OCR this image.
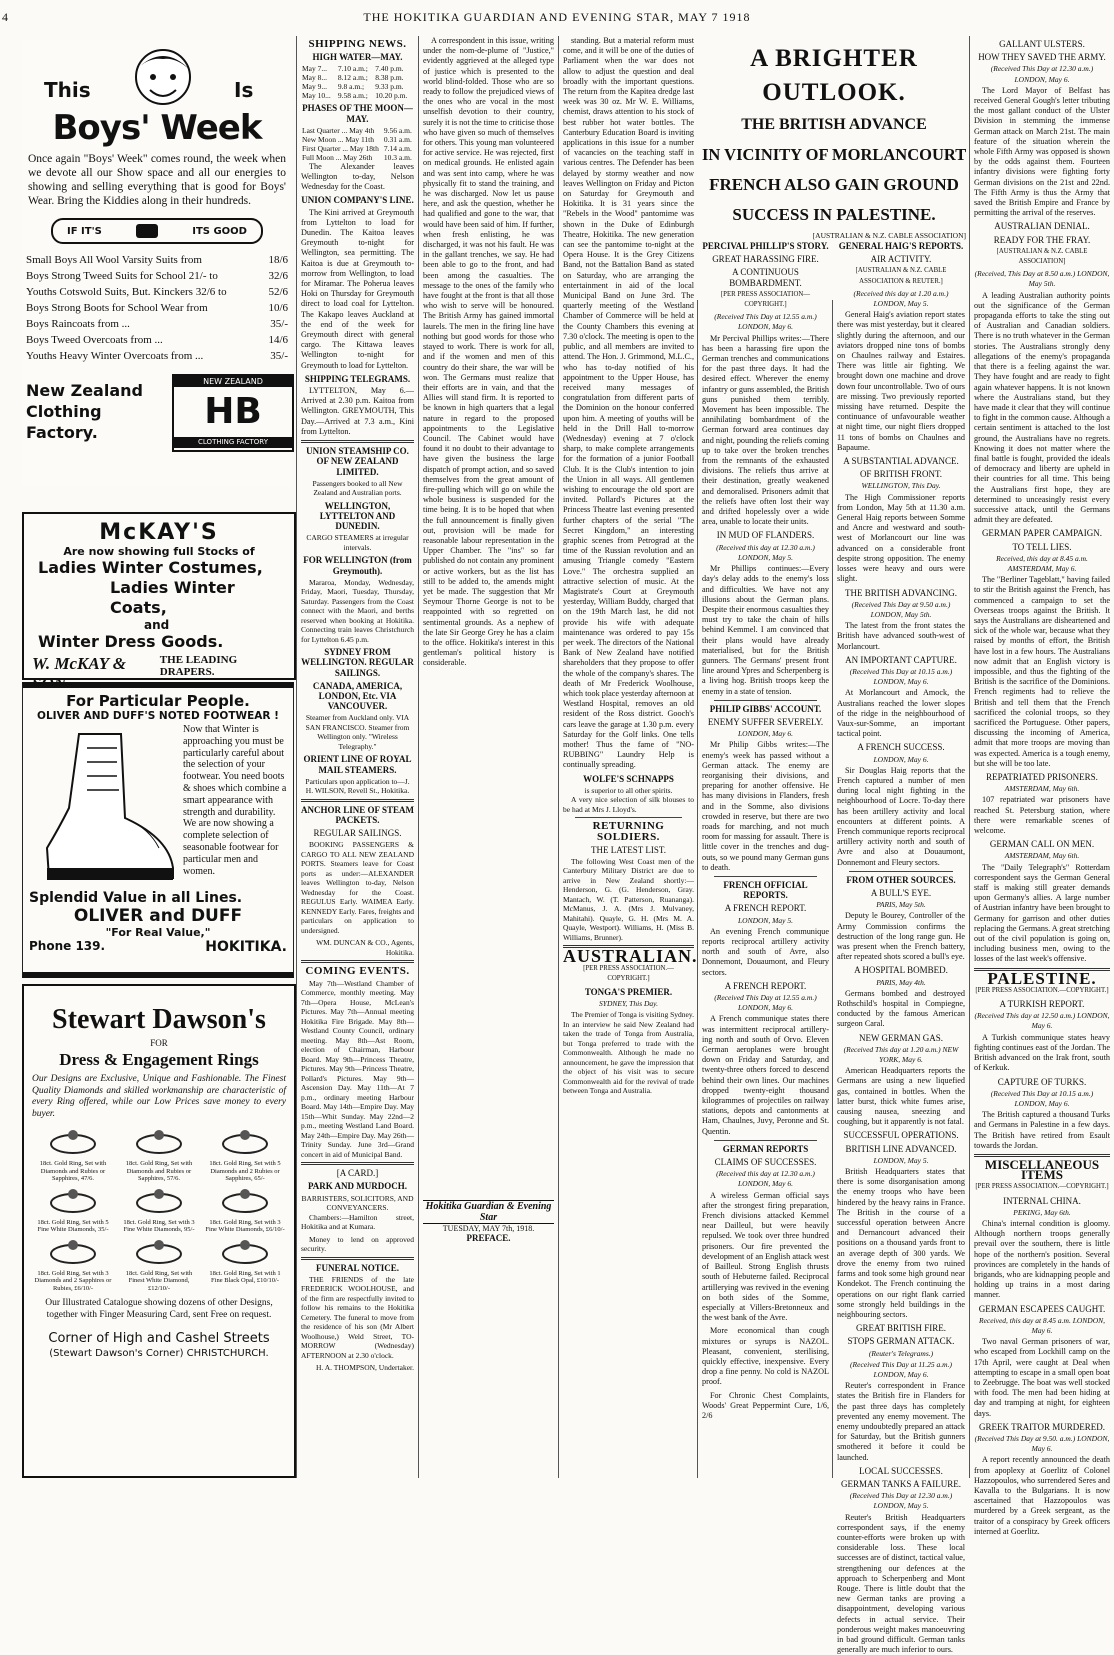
4	THE HOKITIKA GUARDIAN AND EVENING STAR, MAY 7 1918
This	Is
Boys' Week
Once again "Boys' Week" comes round, the week when we devote all our Show space and all our energies to showing and selling everything that is good for Boys' Wear. Bring the Kiddies along in their hundreds.
IF IT'S	ITS GOOD
Small Boys All Wool Varsity Suits from	18/6
Boys Strong Tweed Suits for School 21/- to	32/6
Youths Cotswold Suits, But. Kinckers 32/6 to	52/6
Boys Strong Boots for School Wear from	10/6
Boys Raincoats from ...	35/-
Boys Tweed Overcoats from ...	14/6
Youths Heavy Winter Overcoats from ...	35/-
New Zealand Clothing Factory.
NEW ZEALAND
HB
CLOTHING FACTORY
McKAY'S
Are now showing full Stocks of
Ladies Winter Costumes,
Ladies Winter Coats,
and
Winter Dress Goods.
W. McKAY &	THE LEADING DRAPERS.
For Particular People.
OLIVER AND DUFF'S NOTED FOOTWEAR !
Now that Winter is approaching you must be particularly careful about the selection of your footwear. You need boots & shoes which combine a smart appearance with strength and durability. We are now showing a complete selection of seasonable footwear for particular men and women.
Splendid Value in all Lines.
OLIVER and DUFF
"For Real Value,"
Phone 139.	HOKITIKA.
Stewart Dawson's
FOR
Dress & Engagement Rings
Our Designs are Exclusive, Unique and Fashionable. The Finest Quality Diamonds and skilled workmanship are characteristic of every Ring offered, while our Low Prices save money to every buyer.
18ct. Gold Ring, Set with Diamonds and Rubies or Sapphires, 47/6.
18ct. Gold Ring, Set with Diamonds and Rubies or Sapphires, 57/6.
18ct. Gold Ring, Set with 5 Diamonds and 2 Rubies or Sapphires, 65/-
18ct. Gold Ring, Set with 5 Fine White Diamonds, 35/-
18ct. Gold Ring, Set with 3 Fine White Diamonds, 95/-
18ct. Gold Ring, Set with 3 Fine White Diamonds, £6/10/-
18ct. Gold Ring, Set with 3 Diamonds and 2 Sapphires or Rubies, £6/10/-
18ct. Gold Ring, Set with Finest White Diamond, £12/10/-
18ct. Gold Ring, Set with 1 Fine Black Opal, £10/10/-
Our Illustrated Catalogue showing dozens of other Designs, together with Finger Measuring Card, sent Free on request.
Corner of High and Cashel Streets
(Stewart Dawson's Corner) CHRISTCHURCH.
SHIPPING NEWS.
HIGH WATER—MAY.
May 7...	7.10 a.m.;	7.40 p.m.
May 8...	8.12 a.m.;	8.38 p.m.
May 9...	9.8 a.m.;	9.33 p.m.
May 10...	9.58 a.m.;	10.20 p.m.
PHASES OF THE MOON—MAY.
Last Quarter ... May 4th	9.56 a.m.
New Moon ... May 11th	0.31 a.m.
First Quarter ... May 18th	7.14 a.m.
Full Moon ... May 26th	10.3 a.m.

The Alexander leaves Wellington to-day, Nelson Wednesday for the Coast.

UNION COMPANY'S LINE.

The Kini arrived at Greymouth from Lyttelton to load for Dunedin. The Kaitoa leaves Greymouth to-night for Wellington, sea permitting. The Kaitoa is due at Greymouth to-morrow from Wellington, to load for Miramar. The Poherua leaves Hoki on Thursday for Greymouth direct to load coal for Lyttelton. The Kakapo leaves Auckland at the end of the week for Greymouth direct with general cargo. The Kittawa leaves Wellington to-night for Greymouth to load for Lyttelton.

SHIPPING TELEGRAMS.

LYTTELTON, May 6.—Arrived at 2.30 p.m. Kaitoa from Wellington. GREYMOUTH, This Day.—Arrived at 7.3 a.m., Kini from Lyttelton.

UNION STEAMSHIP CO. OF NEW ZEALAND LIMITED.
Passengers booked to all New Zealand and Australian ports.
WELLINGTON, LYTTELTON AND DUNEDIN.
CARGO STEAMERS at irregular intervals.
FOR WELLINGTON (from Greymouth).

Mararoa, Monday, Wednesday, Friday, Maori, Tuesday, Thursday, Saturday. Passengers from the Coast connect with the Maori, and berths reserved when booking at Hokitika. Connecting train leaves Christchurch for Lyttelton 6.45 p.m.

SYDNEY FROM WELLINGTON. REGULAR SAILINGS.
CANADA, AMERICA, LONDON, Etc. VIA VANCOUVER.
Steamer from Auckland only. VIA SAN FRANCISCO. Steamer from Wellington only. "Wireless Telegraphy."
ORIENT LINE OF ROYAL MAIL STEAMERS.
Particulars upon application to—J. H. WILSON, Revell St., Hokitika.
ANCHOR LINE OF STEAM PACKETS.
REGULAR SAILINGS.

BOOKING PASSENGERS & CARGO TO ALL NEW ZEALAND PORTS. Steamers leave for Coast ports as under:—ALEXANDER leaves Wellington to-day, Nelson Wednesday for the Coast. REGULUS Early. WAIMEA Early. KENNEDY Early. Fares, freights and particulars on application to undersigned.

WM. DUNCAN & CO., Agents, Hokitika.
COMING EVENTS.

May 7th—Westland Chamber of Commerce, monthly meeting. May 7th—Opera House, McLean's Pictures. May 7th—Annual meeting Hokitika Fire Brigade. May 8th—Westland County Council, ordinary meeting. May 8th—Ast Room, election of Chairman, Harbour Board. May 9th—Princess Theatre, Pictures. May 9th—Princess Theatre, Pollard's Pictures. May 9th—Ascension Day. May 11th—At 7 p.m., ordinary meeting Harbour Board. May 14th—Empire Day. May 15th—Whit Sunday. May 22nd—2 p.m., meeting Westland Land Board. May 24th—Empire Day. May 26th—Trinity Sunday. June 3rd—Grand concert in aid of Municipal Band.

[A CARD.]
PARK AND MURDOCH.
BARRISTERS, SOLICITORS, AND CONVEYANCERS.

Chambers:—Hamilton street, Hokitika and at Kumara.

Money to lend on approved security.

FUNERAL NOTICE.

THE FRIENDS of the late FREDERICK WOOLHOUSE, and of the firm are respectfully invited to follow his remains to the Hokitika Cemetery. The funeral to move from the residence of his son (Mr Albert Woolhouse,) Weld Street, TO-MORROW (Wednesday) AFTERNOON at 2.30 o'clock.

H. A. THOMPSON, Undertaker.

A correspondent in this issue, writing under the nom-de-plume of "Justice," evidently aggrieved at the alleged type of justice which is presented to the world blind-folded. Those who are so ready to follow the prejudiced views of the ones who are vocal in the most unselfish devotion to their country, surely it is not the time to criticise those who have given so much of themselves for others. This young man volunteered for active service. He was rejected, first on medical grounds. He enlisted again and was sent into camp, where he was physically fit to stand the training, and he was discharged. Now let us pause here, and ask the question, whether he had qualified and gone to the war, that would have been said of him. If further, when fresh enlisting, he was discharged, it was not his fault. He was in the gallant trenches, we say. He had been able to go to the front, and had been among the casualties. The message to the ones of the family who have fought at the front is that all those who wish to serve will be honoured. The British Army has gained immortal laurels. The men in the firing line have nothing but good words for those who stayed to work. There is work for all, and if the women and men of this country do their share, the war will be won. The Germans must realize that their efforts are in vain, and that the Allies will stand firm. It is reported to be known in high quarters that a legal nature in regard to the proposed appointments to the Legislative Council. The Cabinet would have found it no doubt to their advantage to have given the business the large dispatch of prompt action, and so saved themselves from the great amount of fire-pulling which will go on while the whole business is suspended for the time being. It is to be hoped that when the full announcement is finally given out, provision will be made for reasonable labour representation in the Upper Chamber. The "ins" so far published do not contain any prominent or active workers, but as the list has still to be added to, the amends might yet be made. The suggestion that Mr Seymour Thorne George is not to be reappointed with so regretted on sentimental grounds. As a nephew of the late Sir George Grey he has a claim to the office. Hokitika's interest in this gentleman's political history is considerable.

Hokitika Guardian & Evening Star
TUESDAY, MAY 7th, 1918.
PREFACE.

standing. But a material reform must come, and it will be one of the duties of Parliament when the war does not allow to adjust the question and deal broadly with the important questions. The return from the Kapitea dredge last week was 30 oz. Mr W. E. Williams, chemist, draws attention to his stock of best rubber hot water bottles. The Canterbury Education Board is inviting applications in this issue for a number of vacancies on the teaching staff in various centres. The Defender has been delayed by stormy weather and now leaves Wellington on Friday and Picton on Saturday for Greymouth and Hokitika. It is 31 years since the "Rebels in the Wood" pantomime was shown in the Duke of Edinburgh Theatre, Hokitika. The new generation can see the pantomime to-night at the Opera House. It is the Grey Citizens Band, not the Battalion Band as stated on Saturday, who are arranging the entertainment in aid of the local Municipal Band on June 3rd. The quarterly meeting of the Westland Chamber of Commerce will be held at the County Chambers this evening at 7.30 o'clock. The meeting is open to the public, and all members are invited to attend. The Hon. J. Grimmond, M.L.C., who has to-day notified of his appointment to the Upper House, has received many messages of congratulation from different parts of the Dominion on the honour conferred upon him. A meeting of youths will be held in the Drill Hall to-morrow (Wednesday) evening at 7 o'clock sharp, to make complete arrangements for the formation of a junior Football Club. It is the Club's intention to join the Union in all ways. All gentlemen wishing to encourage the old sport are invited. Pollard's Pictures at the Princess Theatre last evening presented further chapters of the serial "The Secret Kingdom," an interesting graphic scenes from Petrograd at the time of the Russian revolution and an amusing Triangle comedy "Eastern Love." The orchestra supplied an attractive selection of music. At the Magistrate's Court at Greymouth yesterday, William Buddy, charged that on the 19th March last, he did not provide his wife with adequate maintenance was ordered to pay 15s per week. The directors of the National Bank of New Zealand have notified shareholders that they propose to offer the whole of the company's shares. The death of Mr Frederick Woolhouse, which took place yesterday afternoon at Westland Hospital, removes an old resident of the Ross district. Gooch's cars leave the garage at 1.30 p.m. every Saturday for the Golf links. One tells mother! Thus the fame of "NO-RUBBING" Laundry Help is continually spreading.

WOLFE'S SCHNAPPS
is superior to all other spirits.

A very nice selection of silk blouses to be had at Mrs J. Lloyd's.

RETURNING SOLDIERS.
THE LATEST LIST.

The following West Coast men of the Canterbury Military District are due to arrive in New Zealand shortly:—Henderson, G. (G. Henderson, Gray. Mantach, W. (T. Patterson, Ruananga). McManus, J. A. (Mrs J. Mulvaney, Mahitahi). Quayle, G. H. (Mrs M. A. Quayle, Westport). Williams, H. (Miss B. Williams, Brunner).

AUSTRALIAN.
[PER PRESS ASSOCIATION.—COPYRIGHT.]
TONGA'S PREMIER.
SYDNEY, This Day.

The Premier of Tonga is visiting Sydney. In an interview he said New Zealand had taken the trade of Tonga from Australia, but Tonga preferred to trade with the Commonwealth. Although he made no announcement, he gave the impression that the object of his visit was to secure Commonwealth aid for the revival of trade between Tonga and Australia.

A BRIGHTER OUTLOOK.
THE BRITISH ADVANCE
IN VICINITY OF MORLANCOURT
FRENCH ALSO GAIN GROUND
SUCCESS IN PALESTINE.
[AUSTRALIAN & N.Z. CABLE ASSOCIATION]
PERCIVAL PHILLIP'S STORY.
GREAT HARASSING FIRE.
A CONTINUOUS BOMBARDMENT.
[PER PRESS ASSOCIATION—COPYRIGHT.]
(Received This Day at 12.55 a.m.) LONDON, May 6.

Mr Percival Phillips writes:—There has been a harassing fire upon the German trenches and communications for the past three days. It had the desired effect. Wherever the enemy infantry or guns assembled, the British guns punished them terribly. Movement has been impossible. The annihilating bombardment of the German forward area continues day and night, pounding the reliefs coming up to take over the broken trenches from the remnants of the exhausted divisions. The reliefs thus arrive at their destination, greatly weakened and demoralised. Prisoners admit that the reliefs have often lost their way and drifted hopelessly over a wide area, unable to locate their units.

IN MUD OF FLANDERS.
(Received this day at 12.30 a.m.) LONDON, May 5.

Mr Phillips continues:—Every day's delay adds to the enemy's loss and difficulties. We have not any illusions about the German plans. Despite their enormous casualties they must try to take the chain of hills behind Kemmel. I am convinced that their plans would have already materialised, but for the British gunners. The Germans' present front line around Ypres and Scherpenberg is a living hog. British troops keep the enemy in a state of tension.

PHILIP GIBBS' ACCOUNT.
ENEMY SUFFER SEVERELY.
LONDON, May 6.

Mr Philip Gibbs writes:—The enemy's week has passed without a German attack. The enemy are reorganising their divisions, and preparing for another offensive. He has many divisions in Flanders, fresh and in the Somme, also divisions crowded in reserve, but there are two roads for marching, and not much room for massing for assault. There is little cover in the trenches and dug-outs, so we pound many German guns to death.

FRENCH OFFICIAL REPORTS.
A FRENCH REPORT.
LONDON, May 5.

An evening French communique reports reciprocal artillery activity north and south of Avre, also Donnemont, Douaumont, and Fleury sectors.

A FRENCH REPORT.
(Received This Day at 12.55 a.m.) LONDON, May 6.

A French communique states there was intermittent reciprocal artillery-ing north and south of Orvo. Eleven German aeroplanes were brought down on Friday and Saturday, and twenty-three others forced to descend behind their own lines. Our machines dropped twenty-eight thousand kilogrammes of projectiles on railway stations, depots and cantonments at Ham, Chaulnes, Juvy, Peronne and St. Quentin.

GERMAN REPORTS
CLAIMS OF SUCCESSES.
(Received this day at 12.30 a.m.) LONDON, May 6.

A wireless German official says after the strongest firing preparation, French divisions attacked Kemmel near Dailleul, but were heavily repulsed. We took over three hundred prisoners. Our fire prevented the development of an English attack west of Bailleul. Strong English thrusts south of Hebuterne failed. Reciprocal artillerying was revived in the evening on both sides of the Somme, especially at Villers-Bretonneux and the west bank of the Avre.

More economical than cough mixtures or syrups is NAZOL. Pleasant, convenient, sterilising, quickly effective, inexpensive. Every drop a fine penny. No cold is NAZOL proof.

For Chronic Chest Complaints, Woods' Great Peppermint Cure, 1/6, 2/6

GENERAL HAIG'S REPORTS.
AIR ACTIVITY.
[AUSTRALIAN & N.Z. CABLE ASSOCIATION & REUTER.]
(Received this day at 1.20 a.m.) LONDON, May 5.

General Haig's aviation report states there was mist yesterday, but it cleared slightly during the afternoon, and our aviators dropped nine tons of bombs on Chaulnes railway and Estaires. There was little air fighting. We brought down one machine and drove down four uncontrollable. Two of ours are missing. Two previously reported missing have returned. Despite the continuance of unfavourable weather at night time, our night fliers dropped 11 tons of bombs on Chaulnes and Bapaume.

A SUBSTANTIAL ADVANCE.
OF BRITISH FRONT.
WELLINGTON, This Day.

The High Commissioner reports from London, May 5th at 11.30 a.m. General Haig reports between Somme and Ancre and westward and south-west of Morlancourt our line was advanced on a considerable front despite strong opposition. The enemy losses were heavy and ours were slight.

THE BRITISH ADVANCING.
(Received This Day at 9.50 a.m.) LONDON, May 5th.

The latest from the front states the British have advanced south-west of Morlancourt.

AN IMPORTANT CAPTURE.
(Received This Day at 10.15 a.m.) LONDON, May 6.

At Morlancourt and Amock, the Australians reached the lower slopes of the ridge in the neighbourhood of Vaux-sur-Somme, an important tactical point.

A FRENCH SUCCESS.
LONDON, May 6.

Sir Douglas Haig reports that the French captured a number of men during local night fighting in the neighbourhood of Locre. To-day there has been artillery activity and local encounters at different points. A French communique reports reciprocal artillery activity north and south of Avre and also at Douaumont, Donnemont and Fleury sectors.

FROM OTHER SOURCES.
A BULL'S EYE.
PARIS, May 5th.

Deputy le Bourey, Controller of the Army Commission confirms the destruction of the long range gun. He was present when the French battery, after repeated shots scored a bull's eye.

A HOSPITAL BOMBED.
PARIS, May 4th.

Germans bombed and destroyed Rothschild's hospital in Compiegne, conducted by the famous American surgeon Caral.

NEW GERMAN GAS.
(Received This day at 1.20 a.m.) NEW YORK, May 6.

American Headquarters reports the Germans are using a new liquefied gas, contained in bottles. When the latter burst, thick white fumes arise, causing nausea, sneezing and coughing, but it apparently is not fatal.

SUCCESSFUL OPERATIONS.
BRITISH LINE ADVANCED.
LONDON, May 5.

British Headquarters states that there is some disorganisation among the enemy troops who have been hindered by the heavy rains in France. The British in the course of a successful operation between Ancre and Dernancourt advanced their positions on a thousand yards front to an average depth of 300 yards. We drove the enemy from two ruined farms and took some high ground near Kondekot. The French continuing the operations on our right flank carried some strongly held buildings in the neighbouring sectors.

GREAT BRITISH FIRE.
STOPS GERMAN ATTACK.
(Reuter's Telegrams.)
(Received This Day at 11.25 a.m.) LONDON, May 6.

Reuter's correspondent in France states the British fire in Flanders for the past three days has completely prevented any enemy movement. The enemy undoubtedly prepared an attack for Saturday, but the British gunners smothered it before it could be launched.

LOCAL SUCCESSES.
GERMAN TANKS A FAILURE.
(Received This Day at 12.30 a.m.) LONDON, May 5.

Reuter's British Headquarters correspondent says, if the enemy counter-efforts were broken up with considerable loss. These local successes are of distinct, tactical value, strengthening our defences at the approach to Scherpenberg and Mont Rouge. There is little doubt that the new German tanks are proving a disappointment, developing various defects in actual service. Their ponderous weight makes manoeuvring in bad ground difficult. German tanks generally are much inferior to ours.

GALLANT ULSTERS.
HOW THEY SAVED THE ARMY.
(Received This Day at 12.30 a.m.) LONDON, May 6.

The Lord Mayor of Belfast has received General Gough's letter tributing the most gallant conduct of the Ulster Division in stemming the immense German attack on March 21st. The main feature of the situation wherein the whole Fifth Army was opposed is shown by the odds against them. Fourteen infantry divisions were fighting forty German divisions on the 21st and 22nd. The Fifth Army is thus the Army that saved the British Empire and France by permitting the arrival of the reserves.

AUSTRALIAN DENIAL.
READY FOR THE FRAY.
[AUSTRALIAN & N.Z. CABLE ASSOCIATION]
(Received, This Day at 8.50 a.m.) LONDON, May 5th.

A leading Australian authority points out the significance of the German propaganda efforts to take the sting out of Australian and Canadian soldiers. There is no truth whatever in the German stories. The Australians strongly deny allegations of the enemy's propaganda that there is a feeling against the war. They have fought and are ready to fight again whatever happens. It is not known where the Australians stand, but they have made it clear that they will continue to fight in the common cause. Although a certain sentiment is attached to the lost ground, the Australians have no regrets. Knowing it does not matter where the final battle is fought, provided the ideals of democracy and liberty are upheld in their countries for all time. This being the Australians first hope, they are determined to unceasingly resist every successive attack, until the Germans admit they are defeated.

GERMAN PAPER CAMPAIGN.
TO TELL LIES.
Received, this day at 8.45 a.m. AMSTERDAM, May 6.

The "Berliner Tageblatt," having failed to stir the British against the French, has commenced a campaign to set the Overseas troops against the British. It says the Australians are disheartened and sick of the whole war, because what they raised by months of effort, the British have lost in a few hours. The Australians now admit that an English victory is impossible, and thus the fighting of the British is the sacrifice of the Dominions. French regiments had to relieve the British and tell them that the French sacrificed the colonial troops, so they sacrificed the Portuguese. Other papers, discussing the incoming of America, admit that more troops are moving than was expected. America is a tough enemy, but she will be too late.

REPATRIATED PRISONERS.
AMSTERDAM, May 6th.

107 repatriated war prisoners have reached St. Petersburg station, where there were remarkable scenes of welcome.

GERMAN CALL ON MEN.
AMSTERDAM, May 6th.

The "Daily Telegraph's" Rotterdam correspondent says the German General staff is making still greater demands upon Germany's allies. A large number of Austrian infantry have been brought to Germany for garrison and other duties replacing the Germans. A great stretching out of the civil population is going on, including business men, owing to the losses of the last week's offensive.

PALESTINE.
[PER PRESS ASSOCIATION.—COPYRIGHT.]
A TURKISH REPORT.
(Received This day at 12.50 a.m.) LONDON, May 6.

A Turkish communique states heavy fighting continues east of the Jordan. The British advanced on the Irak front, south of Kerkuk.

CAPTURE OF TURKS.
(Received This Day at 10.15 a.m.) LONDON, May 6.

The British captured a thousand Turks and Germans in Palestine in a few days. The British have retired from Esault towards the Jordan.

MISCELLANEOUS ITEMS
[PER PRESS ASSOCIATION.—COPYRIGHT.]
INTERNAL CHINA.
PEKING, May 6th.

China's internal condition is gloomy. Although northern troops generally prevail over the southern, there is little hope of the northern's position. Several provinces are completely in the hands of brigands, who are kidnapping people and holding up trains in a most daring manner.

GERMAN ESCAPEES CAUGHT.
Received, this day at 8.45 a.m. LONDON, May 6.

Two naval German prisoners of war, who escaped from Lockhill camp on the 17th April, were caught at Deal when attempting to escape in a small open boat to Zeebrugge. The boat was well stocked with food. The men had been hiding at day and tramping at night, for eighteen days.

GREEK TRAITOR MURDERED.
(Received This Day at 9.50. a.m.) LONDON, May 6.

A report recently announced the death from apoplexy at Goerlitz of Colonel Hazzopoulos, who surrendered Seres and Kavalla to the Bulgarians. It is now ascertained that Hazzopoulos was murdered by a Greek sergeant, as the traitor of a conspiracy by Greek officers interned at Goerlitz.
